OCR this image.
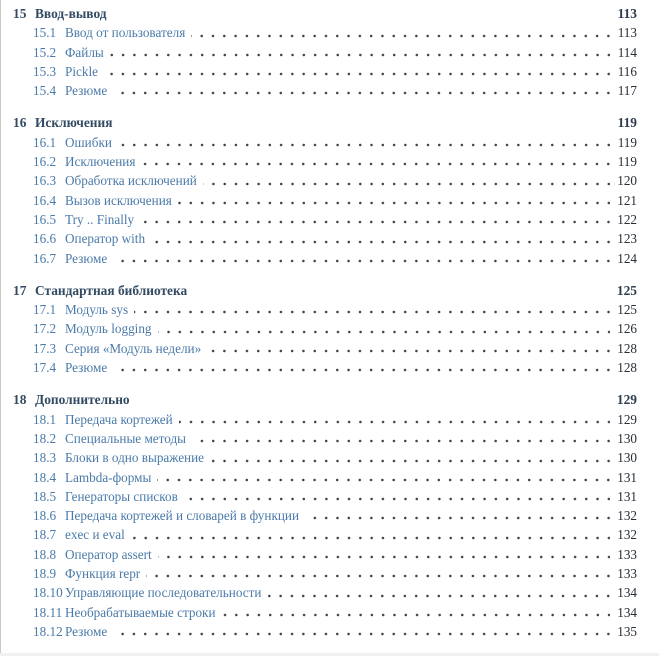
15 Ввод-вывод	113
15.1 Ввод от пользователя	113
15.2 Файлы	114
15.3 Pickle	116
15.4 Резюме	117
16 Исключения	119
16.1 Ошибки	119
16.2 Исключения	119
16.3 Обработка исключений	120
16.4 Вызов исключения	121
16.5 Try .. Finally	122
16.6 Оператор with	123
16.7 Резюме	124
17 Стандартная библиотека	125
17.1 Модуль sys	125
17.2 Модуль logging	126
17.3 Серия «Модуль недели»	128
17.4 Резюме	128
18 Дополнительно	129
18.1 Передача кортежей	129
18.2 Специальные методы	130
18.3 Блоки в одно выражение	130
18.4 Lambda-формы	131
18.5 Генераторы списков	131
18.6 Передача кортежей и словарей в функции	132
18.7 exec и eval	132
18.8 Оператор assert	133
18.9 Функция repr	133
18.10 Управляющие последовательности	134
18.11 Необрабатываемые строки	134
18.12 Резюме	135
